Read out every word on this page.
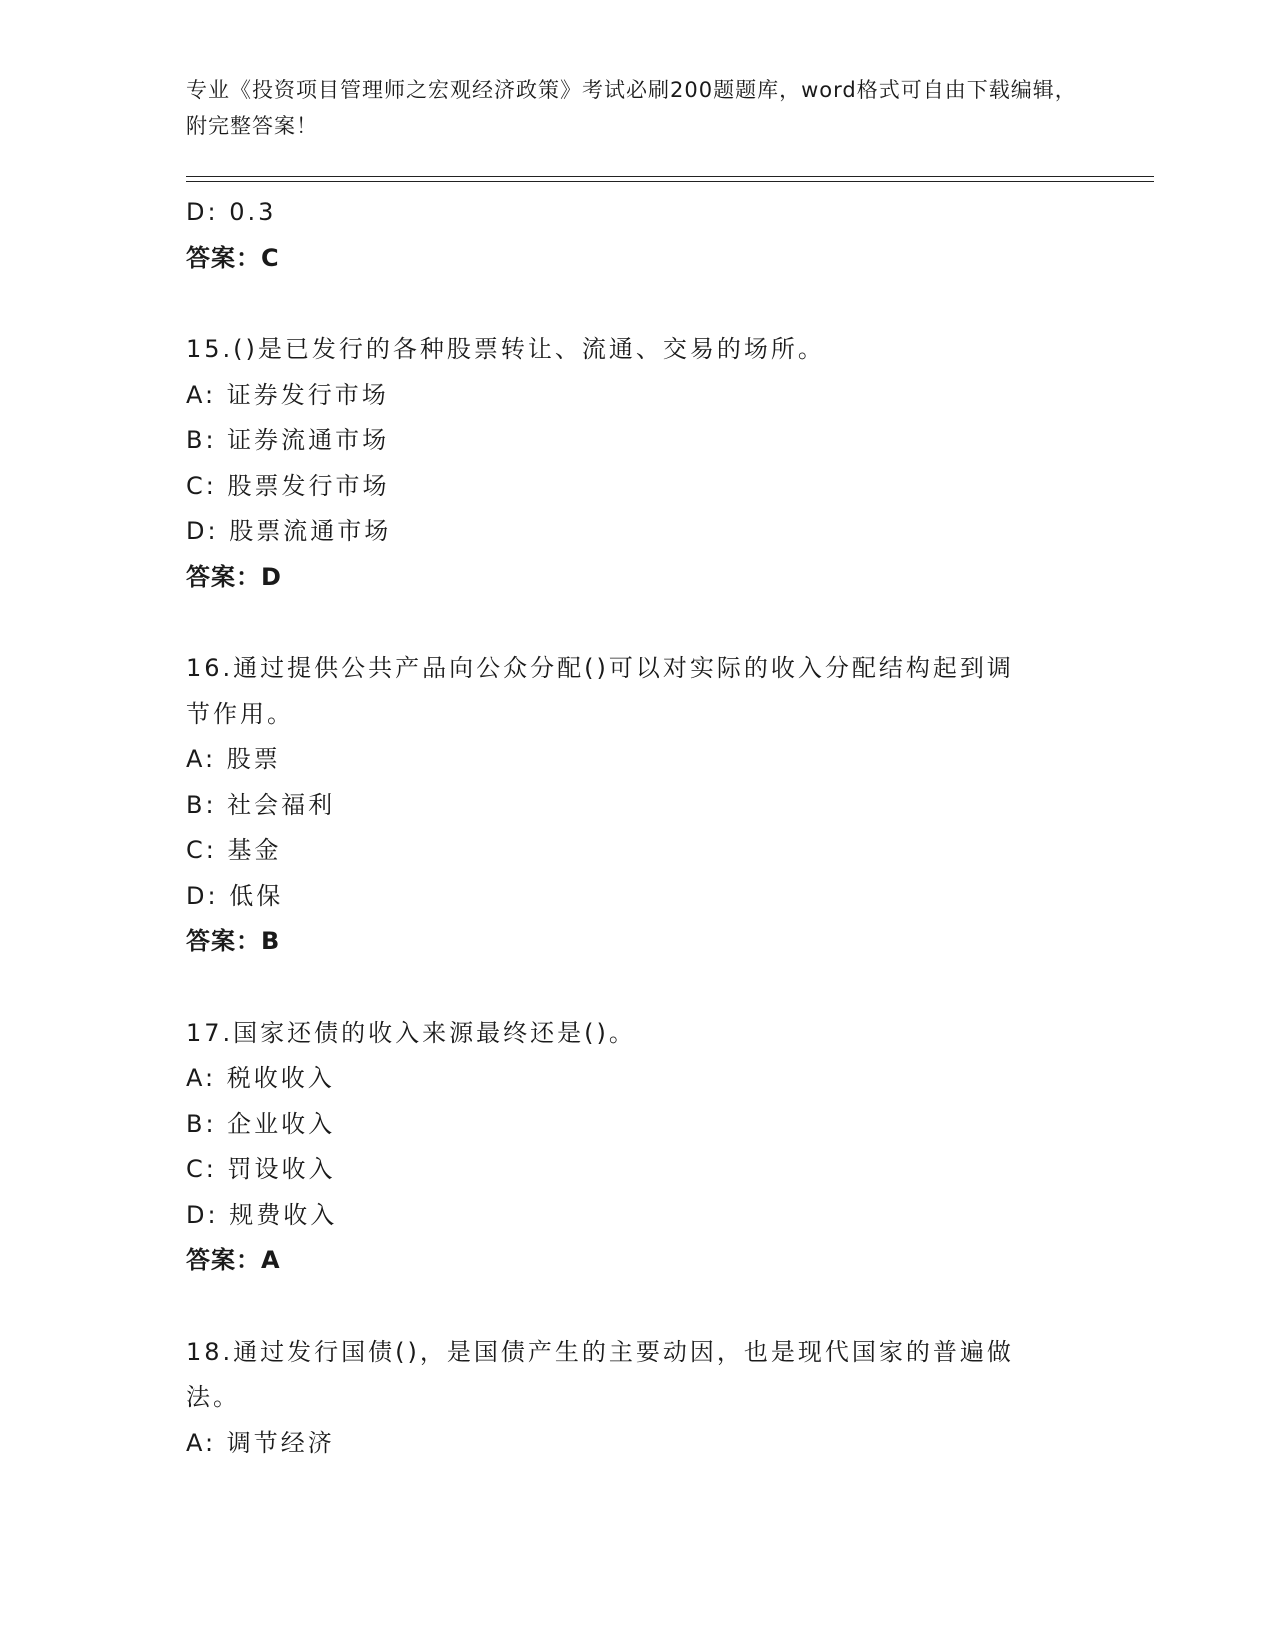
专业《投资项目管理师之宏观经济政策》考试必刷200题题库，word格式可自由下载编辑，附完整答案！
D: 0.3
答案：C
15.()是已发行的各种股票转让、流通、交易的场所。
A: 证券发行市场
B: 证券流通市场
C: 股票发行市场
D: 股票流通市场
答案：D
16.通过提供公共产品向公众分配()可以对实际的收入分配结构起到调节作用。
A: 股票
B: 社会福利
C: 基金
D: 低保
答案：B
17.国家还债的收入来源最终还是()。
A: 税收收入
B: 企业收入
C: 罚设收入
D: 规费收入
答案：A
18.通过发行国债()，是国债产生的主要动因，也是现代国家的普遍做法。
A: 调节经济
